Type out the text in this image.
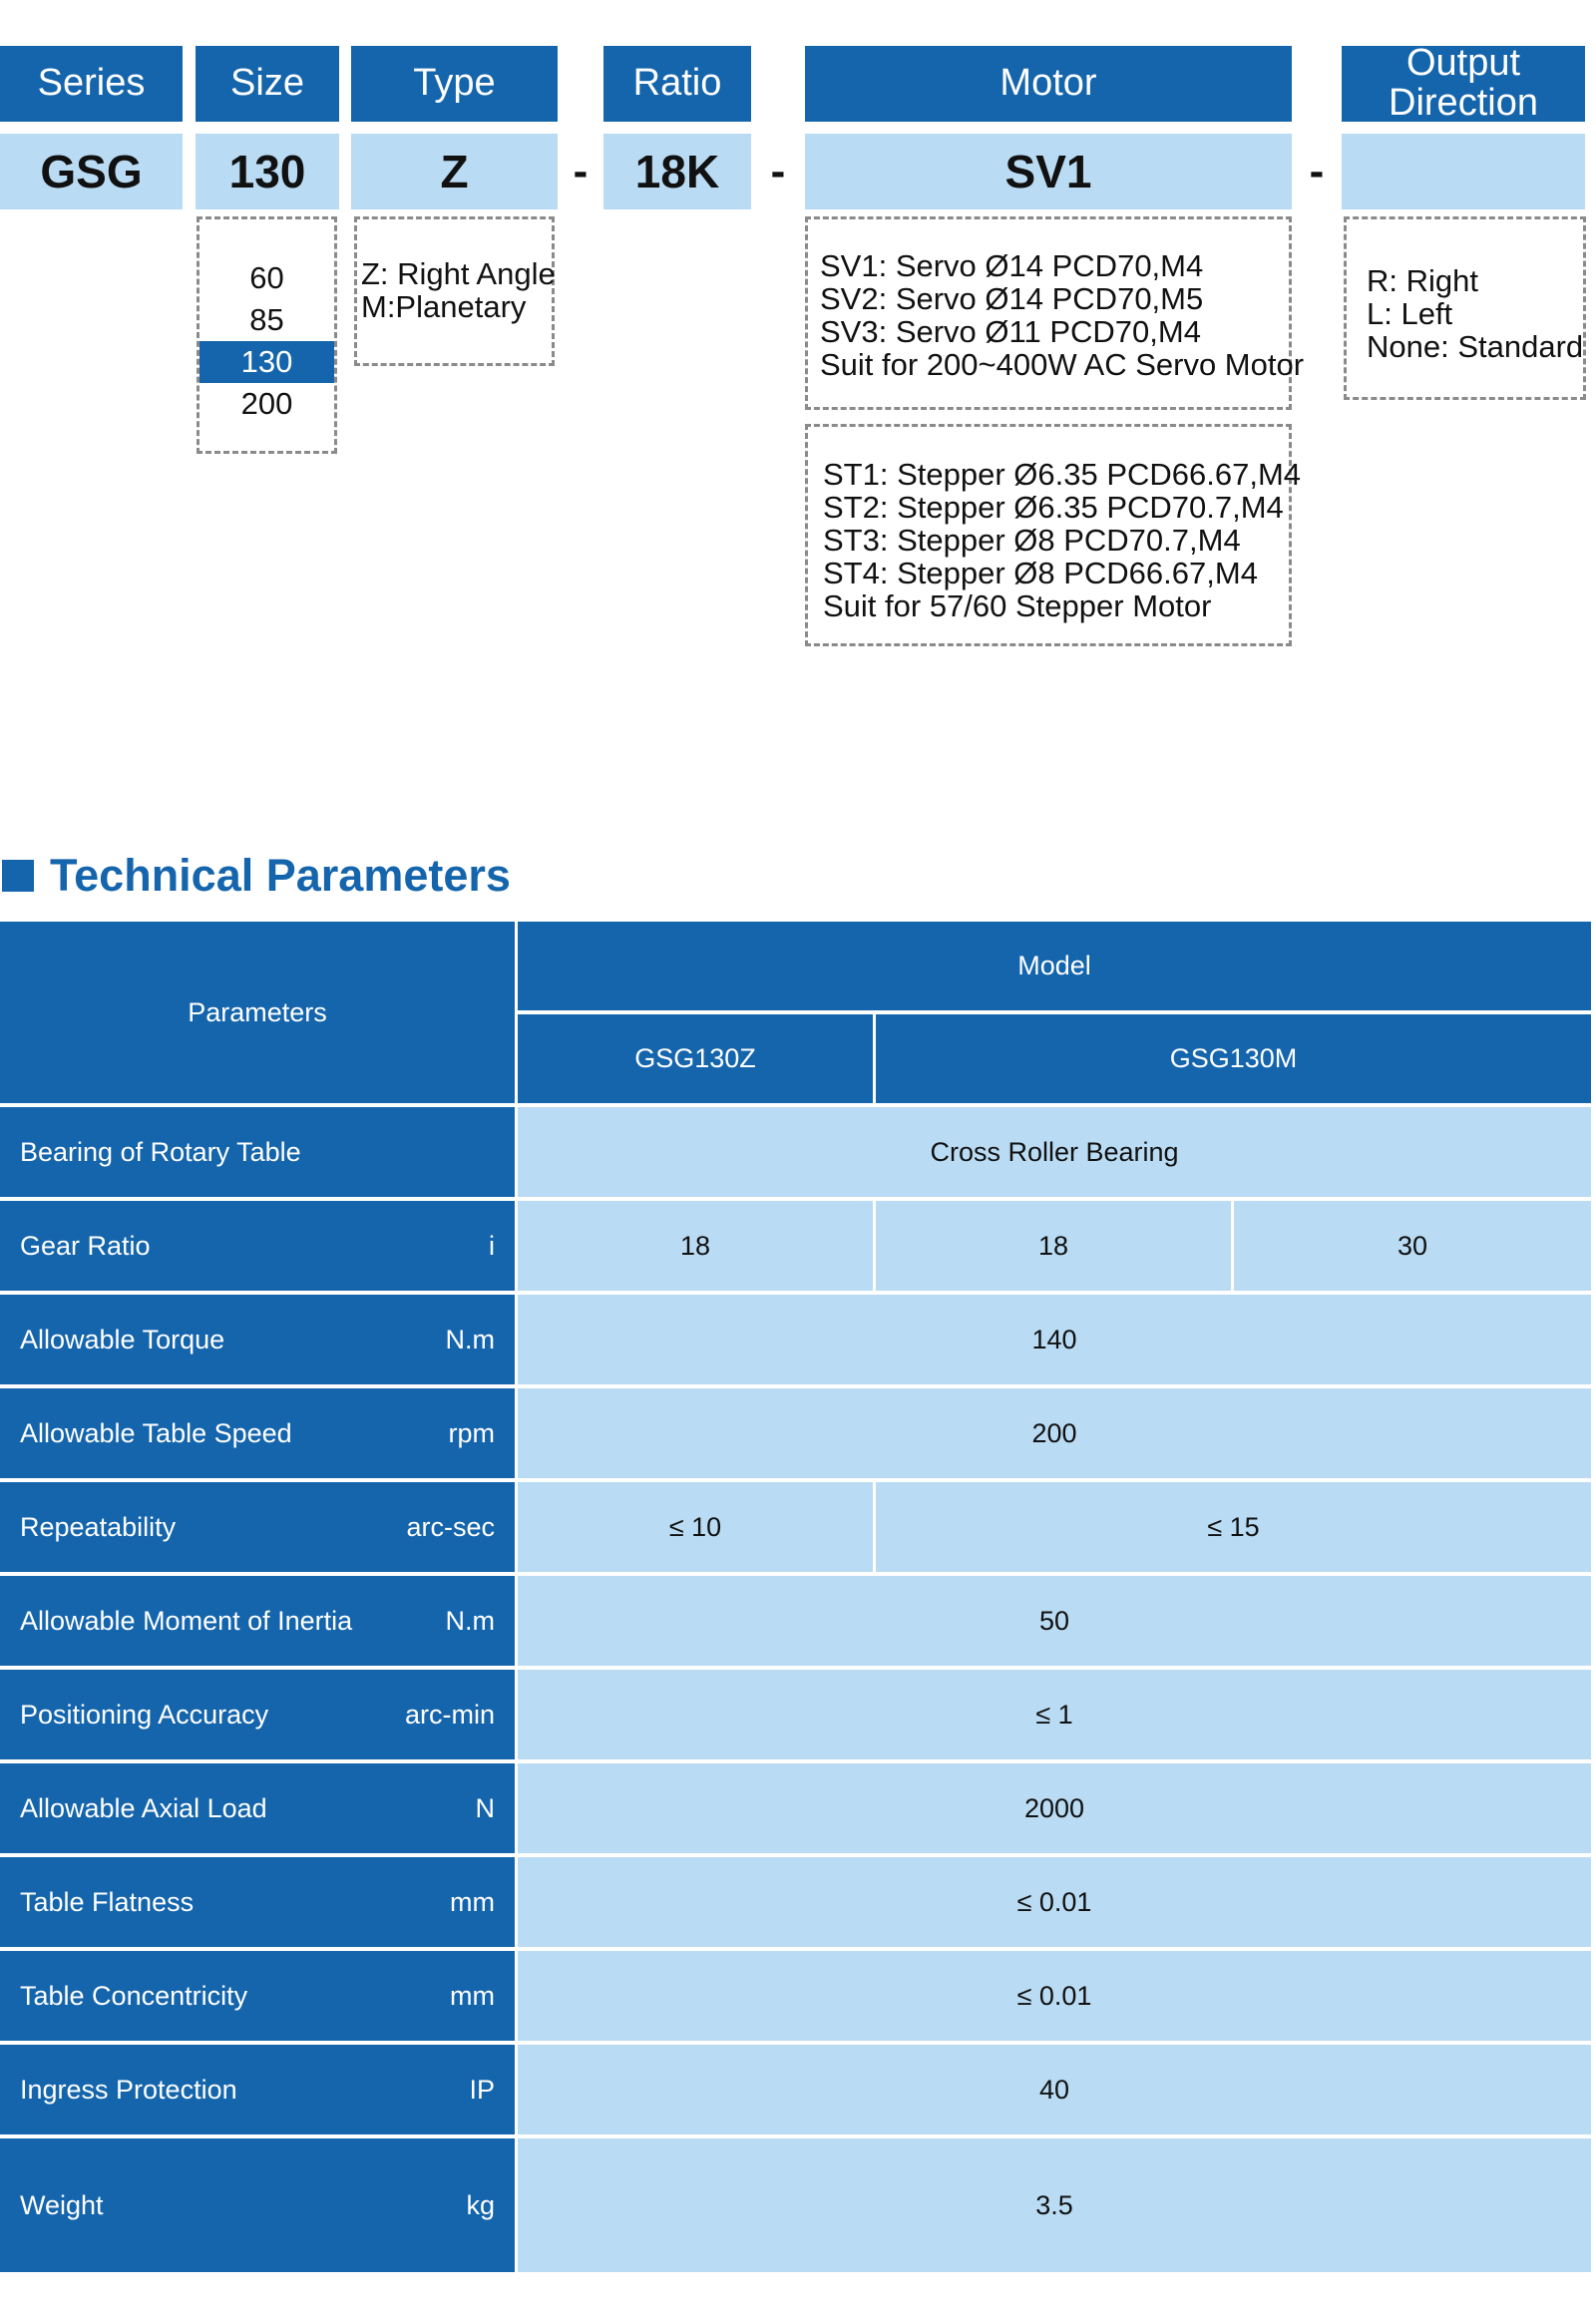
Series	Size	Type	Ratio	Motor	Output
Direction
GSG	130	Z	-	18K	-	SV1	-
60
85
130
200
Z: Right Angle
M:Planetary
SV1: Servo Ø14 PCD70,M4
SV2: Servo Ø14 PCD70,M5
SV3: Servo Ø11 PCD70,M4
Suit for 200~400W AC Servo Motor
ST1: Stepper Ø6.35 PCD66.67,M4
ST2: Stepper Ø6.35 PCD70.7,M4
ST3: Stepper Ø8 PCD70.7,M4
ST4: Stepper Ø8 PCD66.67,M4
Suit for 57/60 Stepper Motor
R: Right
L: Left
None: Standard
Technical Parameters
Parameters
Model
GSG130Z	GSG130M
Bearing of Rotary Table	Cross Roller Bearing
Gear Ratio	i	18	18	30
Allowable Torque	N.m	140
Allowable Table Speed	rpm	200
Repeatability	arc-sec	≤ 10	≤ 15
Allowable Moment of Inertia	N.m	50
Positioning Accuracy	arc-min	≤ 1
Allowable Axial Load	N	2000
Table Flatness	mm	≤ 0.01
Table Concentricity	mm	≤ 0.01
Ingress Protection	IP	40
Weight	kg	3.5
